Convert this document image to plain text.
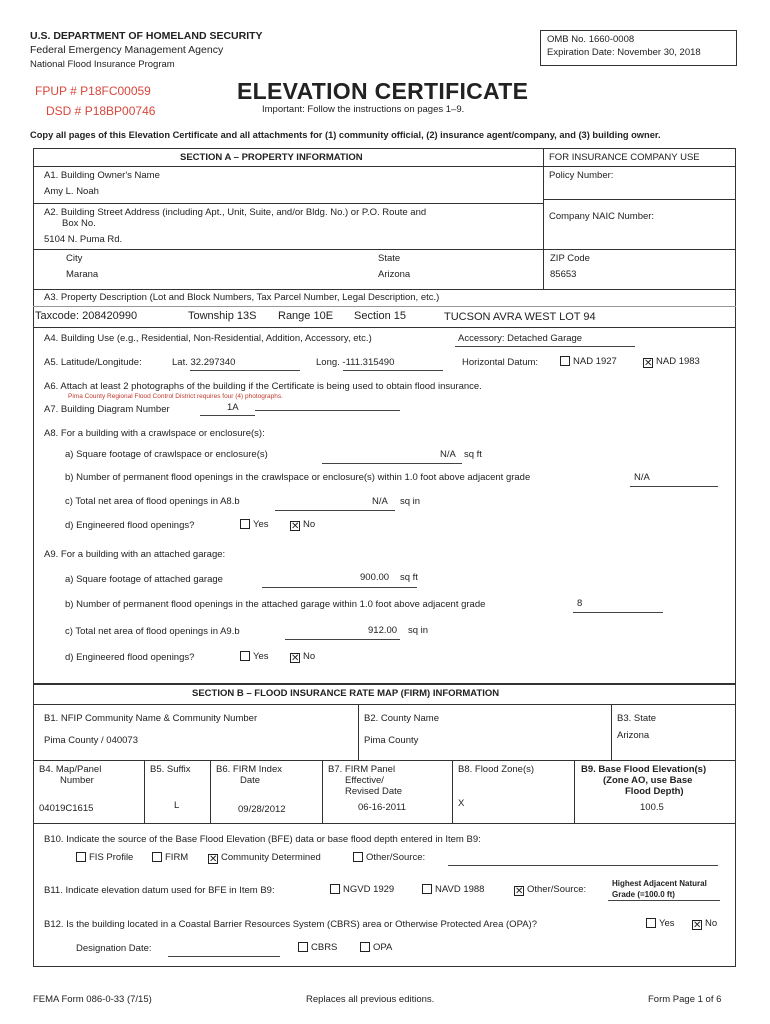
U.S. DEPARTMENT OF HOMELAND SECURITY
Federal Emergency Management Agency
National Flood Insurance Program
OMB No. 1660-0008
Expiration Date: November 30, 2018
FPUP # P18FC00059
DSD # P18BP00746
ELEVATION CERTIFICATE
Important: Follow the instructions on pages 1–9.
Copy all pages of this Elevation Certificate and all attachments for (1) community official, (2) insurance agent/company, and (3) building owner.
SECTION A – PROPERTY INFORMATION	FOR INSURANCE COMPANY USE
A1. Building Owner's Name
Amy L. Noah
Policy Number:
A2. Building Street Address (including Apt., Unit, Suite, and/or Bldg. No.) or P.O. Route and
Box No.
5104 N. Puma Rd.
Company NAIC Number:
City
Marana
State
Arizona
ZIP Code
85653
A3. Property Description (Lot and Block Numbers, Tax Parcel Number, Legal Description, etc.)
Taxcode: 208420990	Township 13S Range 10E Section 15	TUCSON AVRA WEST LOT 94
A4. Building Use (e.g., Residential, Non-Residential, Addition, Accessory, etc.)	Accessory: Detached Garage
A5. Latitude/Longitude:	Lat. 32.297340	Long. -111.315490	Horizontal Datum:	NAD 1927	✕ NAD 1983
A6. Attach at least 2 photographs of the building if the Certificate is being used to obtain flood insurance.
Pima County Regional Flood Control District requires four (4) photographs.
A7. Building Diagram Number	1A
A8. For a building with a crawlspace or enclosure(s):
a) Square footage of crawlspace or enclosure(s)	N/A sq ft
b) Number of permanent flood openings in the crawlspace or enclosure(s) within 1.0 foot above adjacent grade	N/A
c) Total net area of flood openings in A8.b	N/A sq in
d) Engineered flood openings?	Yes ✕ No
A9. For a building with an attached garage:
a) Square footage of attached garage	900.00 sq ft
b) Number of permanent flood openings in the attached garage within 1.0 foot above adjacent grade	8
c) Total net area of flood openings in A9.b	912.00 sq in
d) Engineered flood openings?	Yes ✕ No
SECTION B – FLOOD INSURANCE RATE MAP (FIRM) INFORMATION
B1. NFIP Community Name & Community Number
Pima County / 040073
B2. County Name
Pima County
B3. State
Arizona
B4. Map/Panel
Number
04019C1615
B5. Suffix
L
B6. FIRM Index
Date
09/28/2012
B7. FIRM Panel
Effective/
Revised Date
06-16-2011
B8. Flood Zone(s)
X
B9. Base Flood Elevation(s)
(Zone AO, use Base
Flood Depth)
100.5
B10. Indicate the source of the Base Flood Elevation (BFE) data or base flood depth entered in Item B9:
FIS Profile	FIRM ✕ Community Determined	Other/Source:
B11. Indicate elevation datum used for BFE in Item B9:	NGVD 1929	NAVD 1988	✕ Other/Source:
Highest Adjacent Natural
Grade (=100.0 ft)
B12. Is the building located in a Coastal Barrier Resources System (CBRS) area or Otherwise Protected Area (OPA)?	Yes ✕ No
Designation Date:	CBRS	OPA
FEMA Form 086-0-33 (7/15)	Replaces all previous editions.	Form Page 1 of 6
